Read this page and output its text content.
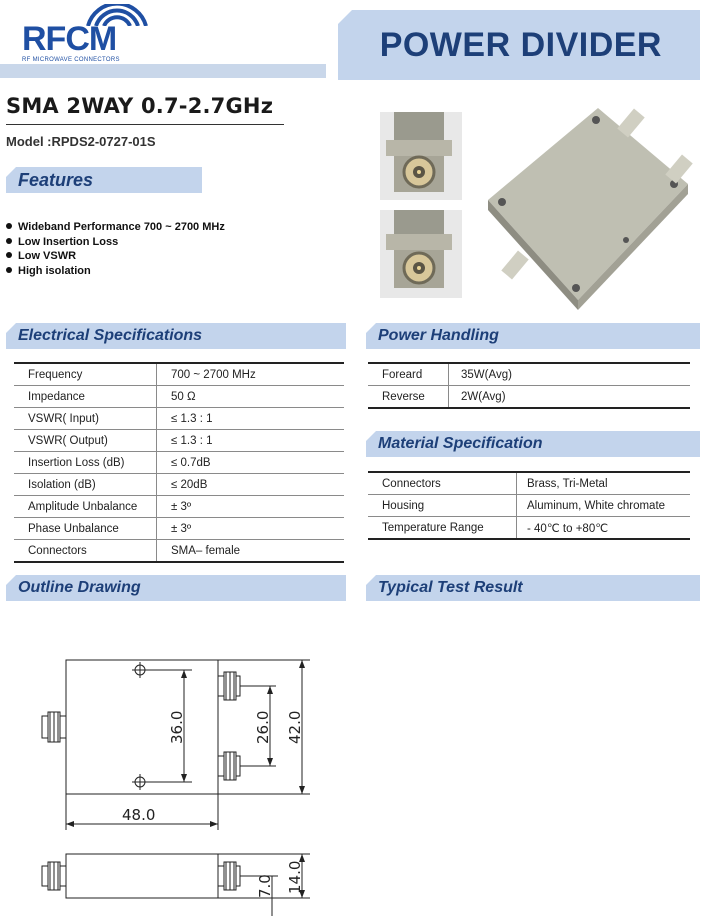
RFCM
RF MICROWAVE CONNECTORS	POWER DIVIDER
SMA 2WAY 0.7-2.7GHz
Model :RPDS2-0727-01S
Features
Wideband Performance 700 ~ 2700 MHz
Low Insertion Loss
Low VSWR
High isolation
Electrical Specifications
Frequency	700 ~ 2700 MHz
Impedance	50 Ω
VSWR( Input)	≤ 1.3 : 1
VSWR( Output)	≤ 1.3 : 1
Insertion Loss (dB)	≤ 0.7dB
Isolation (dB)	≤ 20dB
Amplitude Unbalance	± 3º
Phase Unbalance	± 3º
Connectors	SMA– female
Power Handling
Foreard	35W(Avg)
Reverse	2W(Avg)
Material Specification
Connectors	Brass, Tri-Metal
Housing	Aluminum, White chromate
Temperature Range	- 40℃ to +80℃
Outline Drawing	Typical Test Result
48.0
36.0	26.0 42.0
7.0 14.0
